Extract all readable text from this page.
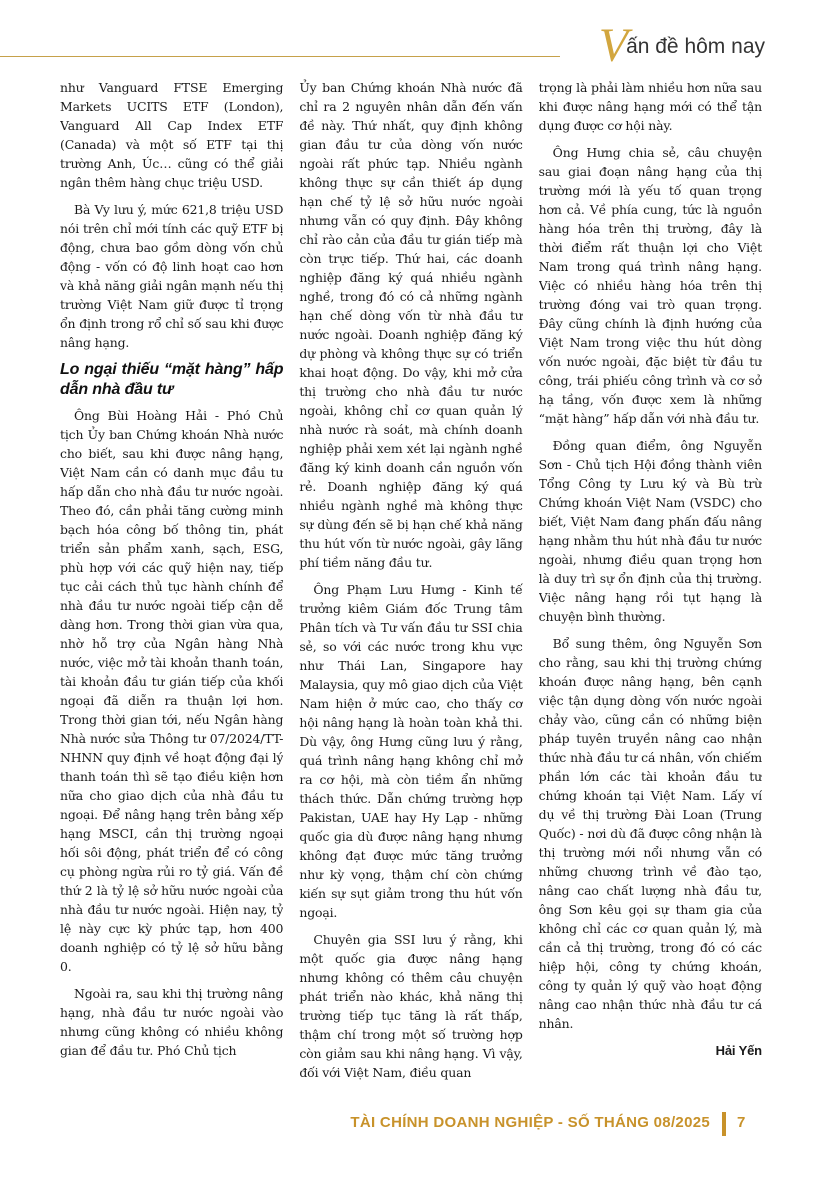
Vấn đề hôm nay

như Vanguard FTSE Emerging Markets UCITS ETF (London), Vanguard All Cap Index ETF (Canada) và một số ETF tại thị trường Anh, Úc… cũng có thể giải ngân thêm hàng chục triệu USD.

Bà Vy lưu ý, mức 621,8 triệu USD nói trên chỉ mới tính các quỹ ETF bị động, chưa bao gồm dòng vốn chủ động - vốn có độ linh hoạt cao hơn và khả năng giải ngân mạnh nếu thị trường Việt Nam giữ được tỉ trọng ổn định trong rổ chỉ số sau khi được nâng hạng.

Lo ngại thiếu “mặt hàng” hấp dẫn nhà đầu tư

Ông Bùi Hoàng Hải - Phó Chủ tịch Ủy ban Chứng khoán Nhà nước cho biết, sau khi được nâng hạng, Việt Nam cần có danh mục đầu tư hấp dẫn cho nhà đầu tư nước ngoài. Theo đó, cần phải tăng cường minh bạch hóa công bố thông tin, phát triển sản phẩm xanh, sạch, ESG, phù hợp với các quỹ hiện nay, tiếp tục cải cách thủ tục hành chính để nhà đầu tư nước ngoài tiếp cận dễ dàng hơn. Trong thời gian vừa qua, nhờ hỗ trợ của Ngân hàng Nhà nước, việc mở tài khoản thanh toán, tài khoản đầu tư gián tiếp của khối ngoại đã diễn ra thuận lợi hơn. Trong thời gian tới, nếu Ngân hàng Nhà nước sửa Thông tư 07/2024/TT-NHNN quy định về hoạt động đại lý thanh toán thì sẽ tạo điều kiện hơn nữa cho giao dịch của nhà đầu tư ngoại. Để nâng hạng trên bảng xếp hạng MSCI, cần thị trường ngoại hối sôi động, phát triển để có công cụ phòng ngừa rủi ro tỷ giá. Vấn đề thứ 2 là tỷ lệ sở hữu nước ngoài của nhà đầu tư nước ngoài. Hiện nay, tỷ lệ này cực kỳ phức tạp, hơn 400 doanh nghiệp có tỷ lệ sở hữu bằng 0.

Ngoài ra, sau khi thị trường nâng hạng, nhà đầu tư nước ngoài vào nhưng cũng không có nhiều không gian để đầu tư. Phó Chủ tịch

Ủy ban Chứng khoán Nhà nước đã chỉ ra 2 nguyên nhân dẫn đến vấn đề này. Thứ nhất, quy định không gian đầu tư của dòng vốn nước ngoài rất phức tạp. Nhiều ngành không thực sự cần thiết áp dụng hạn chế tỷ lệ sở hữu nước ngoài nhưng vẫn có quy định. Đây không chỉ rào cản của đầu tư gián tiếp mà còn trực tiếp. Thứ hai, các doanh nghiệp đăng ký quá nhiều ngành nghề, trong đó có cả những ngành hạn chế dòng vốn từ nhà đầu tư nước ngoài. Doanh nghiệp đăng ký dự phòng và không thực sự có triển khai hoạt động. Do vậy, khi mở cửa thị trường cho nhà đầu tư nước ngoài, không chỉ cơ quan quản lý nhà nước rà soát, mà chính doanh nghiệp phải xem xét lại ngành nghề đăng ký kinh doanh cần nguồn vốn rẻ. Doanh nghiệp đăng ký quá nhiều ngành nghề mà không thực sự dùng đến sẽ bị hạn chế khả năng thu hút vốn từ nước ngoài, gây lãng phí tiềm năng đầu tư.

Ông Phạm Lưu Hưng - Kinh tế trưởng kiêm Giám đốc Trung tâm Phân tích và Tư vấn đầu tư SSI chia sẻ, so với các nước trong khu vực như Thái Lan, Singapore hay Malaysia, quy mô giao dịch của Việt Nam hiện ở mức cao, cho thấy cơ hội nâng hạng là hoàn toàn khả thi. Dù vậy, ông Hưng cũng lưu ý rằng, quá trình nâng hạng không chỉ mở ra cơ hội, mà còn tiềm ẩn những thách thức. Dẫn chứng trường hợp Pakistan, UAE hay Hy Lạp - những quốc gia dù được nâng hạng nhưng không đạt được mức tăng trưởng như kỳ vọng, thậm chí còn chứng kiến sự sụt giảm trong thu hút vốn ngoại.

Chuyên gia SSI lưu ý rằng, khi một quốc gia được nâng hạng nhưng không có thêm câu chuyện phát triển nào khác, khả năng thị trường tiếp tục tăng là rất thấp, thậm chí trong một số trường hợp còn giảm sau khi nâng hạng. Vì vậy, đối với Việt Nam, điều quan

trọng là phải làm nhiều hơn nữa sau khi được nâng hạng mới có thể tận dụng được cơ hội này.

Ông Hưng chia sẻ, câu chuyện sau giai đoạn nâng hạng của thị trường mới là yếu tố quan trọng hơn cả. Về phía cung, tức là nguồn hàng hóa trên thị trường, đây là thời điểm rất thuận lợi cho Việt Nam trong quá trình nâng hạng. Việc có nhiều hàng hóa trên thị trường đóng vai trò quan trọng. Đây cũng chính là định hướng của Việt Nam trong việc thu hút dòng vốn nước ngoài, đặc biệt từ đầu tư công, trái phiếu công trình và cơ sở hạ tầng, vốn được xem là những “mặt hàng” hấp dẫn với nhà đầu tư.

Đồng quan điểm, ông Nguyễn Sơn - Chủ tịch Hội đồng thành viên Tổng Công ty Lưu ký và Bù trừ Chứng khoán Việt Nam (VSDC) cho biết, Việt Nam đang phấn đấu nâng hạng nhằm thu hút nhà đầu tư nước ngoài, nhưng điều quan trọng hơn là duy trì sự ổn định của thị trường. Việc nâng hạng rồi tụt hạng là chuyện bình thường.

Bổ sung thêm, ông Nguyễn Sơn cho rằng, sau khi thị trường chứng khoán được nâng hạng, bên cạnh việc tận dụng dòng vốn nước ngoài chảy vào, cũng cần có những biện pháp tuyên truyền nâng cao nhận thức nhà đầu tư cá nhân, vốn chiếm phần lớn các tài khoản đầu tư chứng khoán tại Việt Nam. Lấy ví dụ về thị trường Đài Loan (Trung Quốc) - nơi dù đã được công nhận là thị trường mới nổi nhưng vẫn có những chương trình về đào tạo, nâng cao chất lượng nhà đầu tư, ông Sơn kêu gọi sự tham gia của không chỉ các cơ quan quản lý, mà cần cả thị trường, trong đó có các hiệp hội, công ty chứng khoán, công ty quản lý quỹ vào hoạt động nâng cao nhận thức nhà đầu tư cá nhân.

Hải Yến
TÀI CHÍNH DOANH NGHIỆP - SỐ THÁNG 08/2025 7
